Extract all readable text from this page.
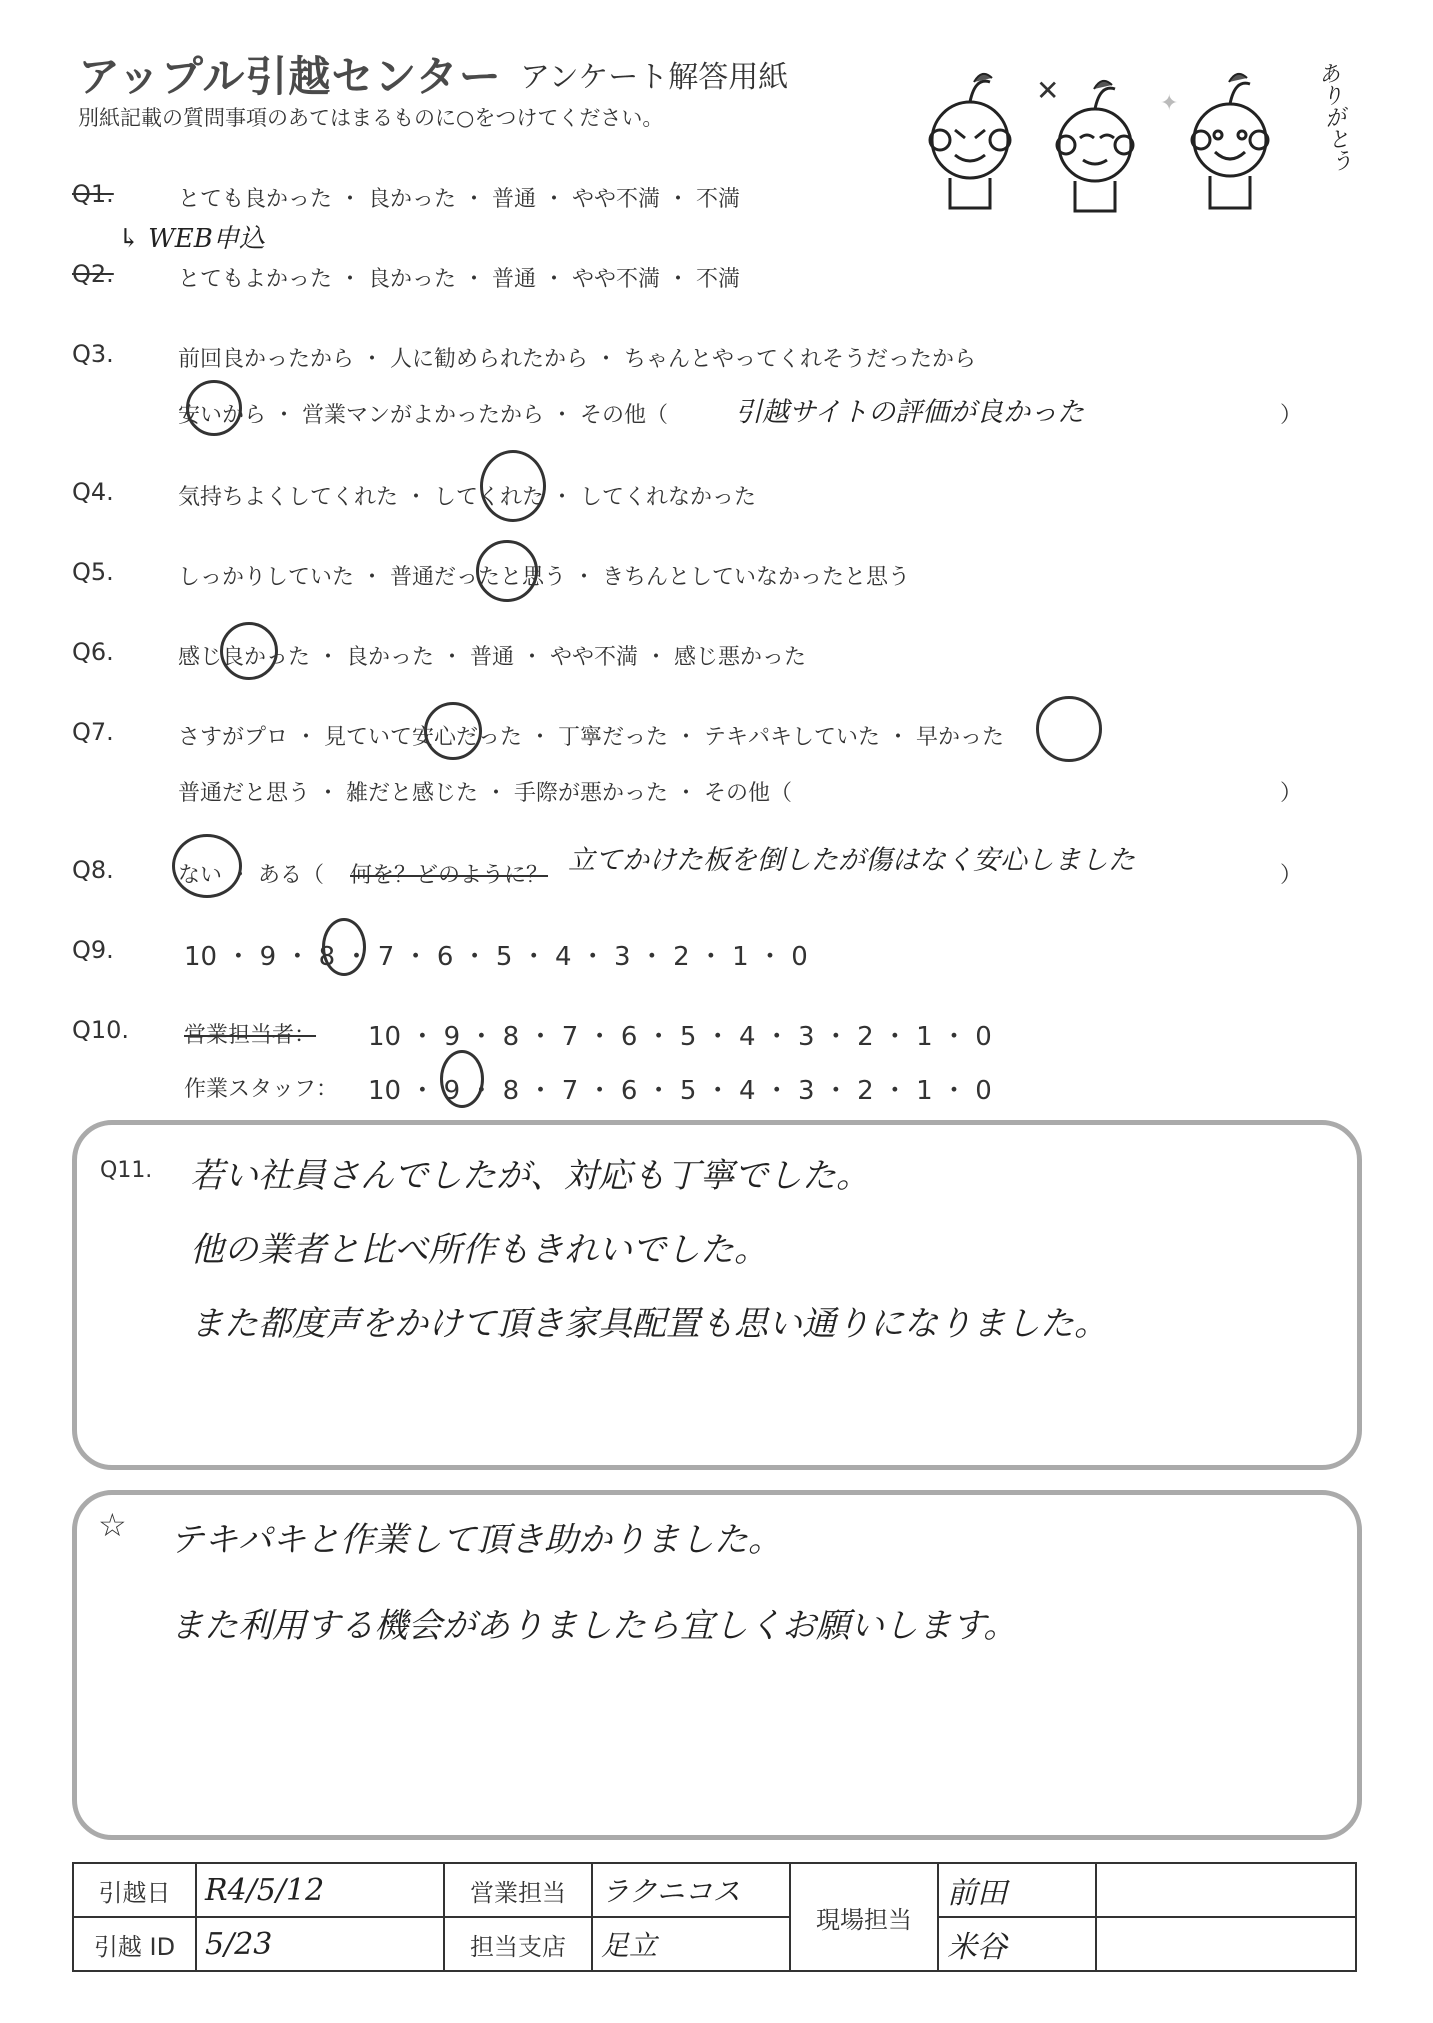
アップル引越センター アンケート解答用紙
別紙記載の質問事項のあてはまるものに○をつけてください。
✕	✦	ありがとう
Q1.	とても良かった ・ 良かった ・ 普通 ・ やや不満 ・ 不満
↳ WEB申込
Q2.	とてもよかった ・ 良かった ・ 普通 ・ やや不満 ・ 不満
Q3.	前回良かったから ・ 人に勧められたから ・ ちゃんとやってくれそうだったから
安いから ・ 営業マンがよかったから ・ その他（ 引越サイトの評価が良かった	）
Q4.	気持ちよくしてくれた ・ してくれた ・ してくれなかった
Q5.	しっかりしていた ・ 普通だったと思う ・ きちんとしていなかったと思う
Q6.	感じ良かった ・ 良かった ・ 普通 ・ やや不満 ・ 感じ悪かった
Q7.	さすがプロ ・ 見ていて安心だった ・ 丁寧だった ・ テキパキしていた ・ 早かった
普通だと思う ・ 雑だと感じた ・ 手際が悪かった ・ その他（	）
Q8.	ない ・ ある（ 何を？どのように？ 立てかけた板を倒したが傷はなく安心しました	）
Q9.	10 ・ 9 ・ 8 ・ 7 ・ 6 ・ 5 ・ 4 ・ 3 ・ 2 ・ 1 ・ 0
Q10.	営業担当者： 10 ・ 9 ・ 8 ・ 7 ・ 6 ・ 5 ・ 4 ・ 3 ・ 2 ・ 1 ・ 0
作業スタッフ： 10 ・ 9 ・ 8 ・ 7 ・ 6 ・ 5 ・ 4 ・ 3 ・ 2 ・ 1 ・ 0
Q11. 若い社員さんでしたが、対応も丁寧でした。
他の業者と比べ所作もきれいでした。
また都度声をかけて頂き家具配置も思い通りになりました。
☆ テキパキと作業して頂き助かりました。
また利用する機会がありましたら宜しくお願いします。
引越日	R4/5/12	営業担当	ラクニコス	現場担当	前田	
引越 ID	5/23	担当支店	足立		米谷	
